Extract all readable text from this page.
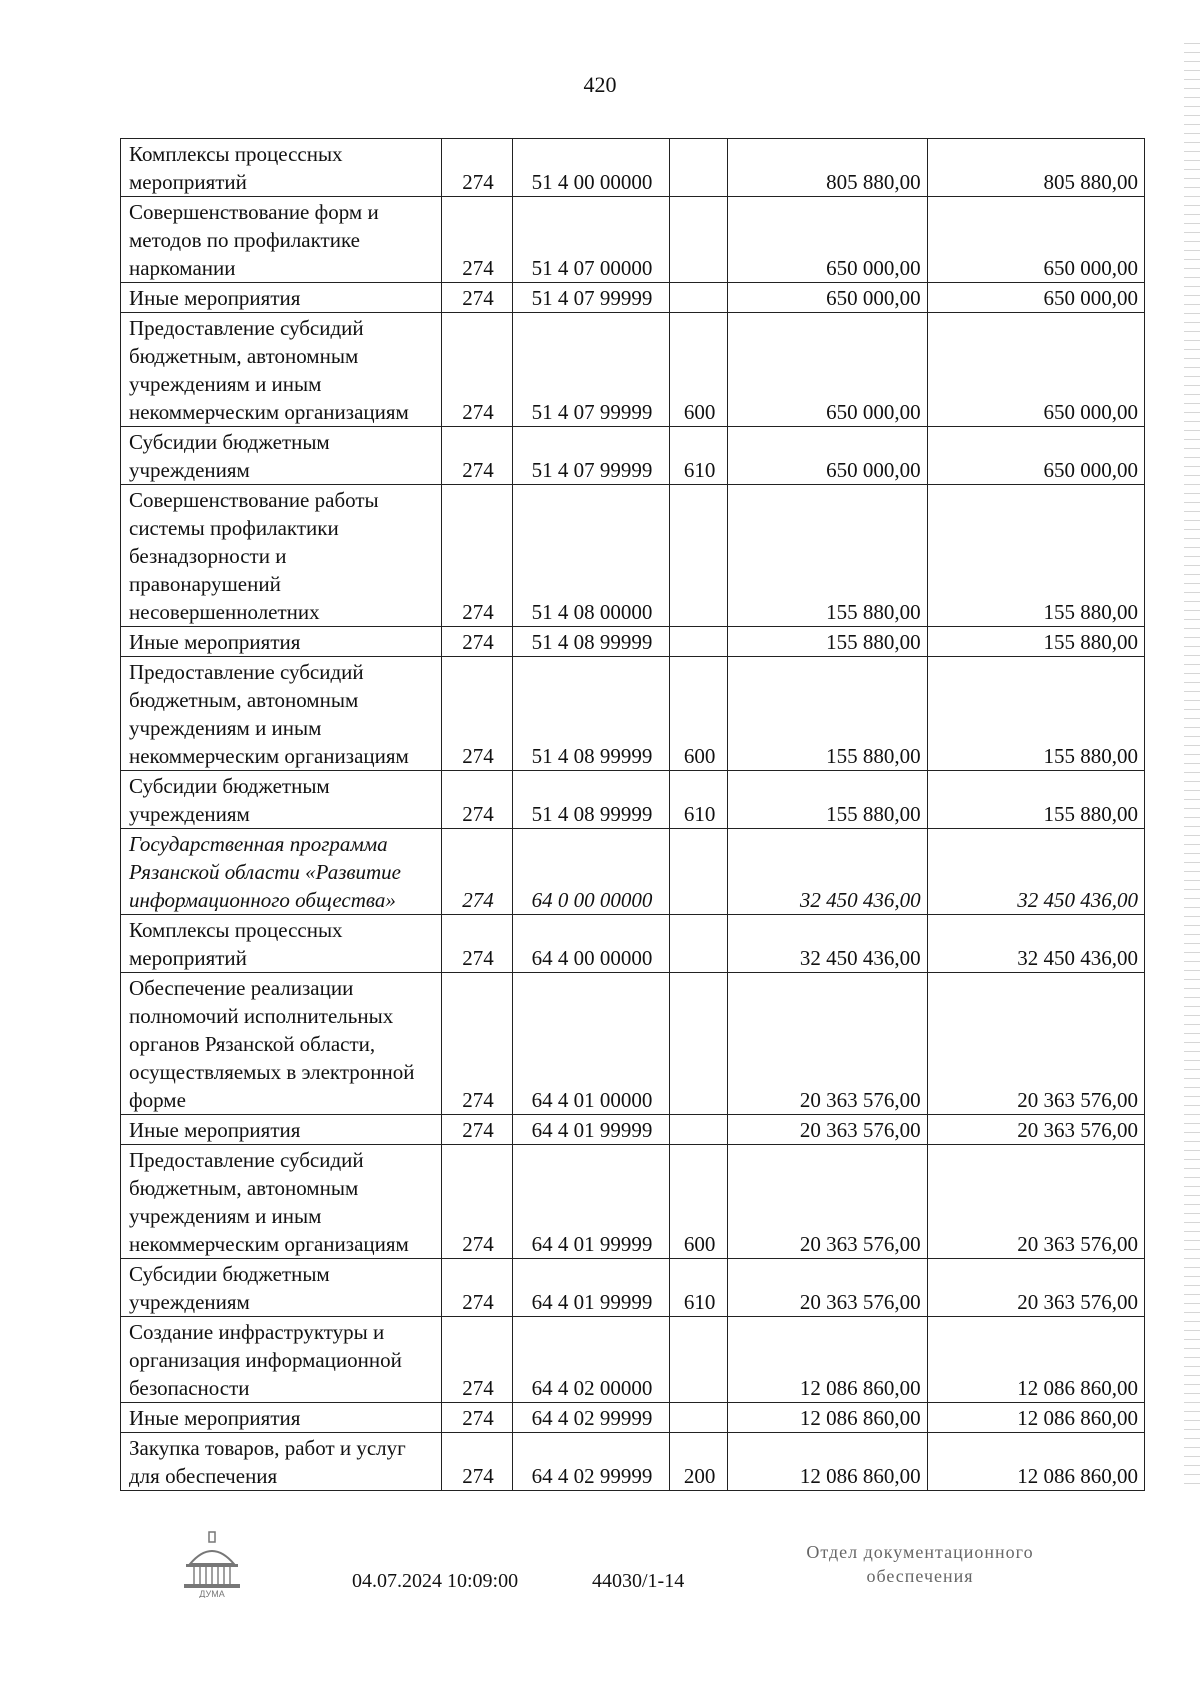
420
Комплексы процессных мероприятий	274	51 4 00 00000		805 880,00	805 880,00
Совершенствование форм и методов по профилактике наркомании	274	51 4 07 00000		650 000,00	650 000,00
Иные мероприятия	274	51 4 07 99999		650 000,00	650 000,00
Предоставление субсидий бюджетным, автономным учреждениям и иным некоммерческим организациям	274	51 4 07 99999	600	650 000,00	650 000,00
Субсидии бюджетным учреждениям	274	51 4 07 99999	610	650 000,00	650 000,00
Совершенствование работы системы профилактики безнадзорности и правонарушений несовершеннолетних	274	51 4 08 00000		155 880,00	155 880,00
Иные мероприятия	274	51 4 08 99999		155 880,00	155 880,00
Предоставление субсидий бюджетным, автономным учреждениям и иным некоммерческим организациям	274	51 4 08 99999	600	155 880,00	155 880,00
Субсидии бюджетным учреждениям	274	51 4 08 99999	610	155 880,00	155 880,00
Государственная программа Рязанской области «Развитие информационного общества»	274	64 0 00 00000		32 450 436,00	32 450 436,00
Комплексы процессных мероприятий	274	64 4 00 00000		32 450 436,00	32 450 436,00
Обеспечение реализации полномочий исполнительных органов Рязанской области, осуществляемых в электронной форме	274	64 4 01 00000		20 363 576,00	20 363 576,00
Иные мероприятия	274	64 4 01 99999		20 363 576,00	20 363 576,00
Предоставление субсидий бюджетным, автономным учреждениям и иным некоммерческим организациям	274	64 4 01 99999	600	20 363 576,00	20 363 576,00
Субсидии бюджетным учреждениям	274	64 4 01 99999	610	20 363 576,00	20 363 576,00
Создание инфраструктуры и организация информационной безопасности	274	64 4 02 00000		12 086 860,00	12 086 860,00
Иные мероприятия	274	64 4 02 99999		12 086 860,00	12 086 860,00
Закупка товаров, работ и услуг для обеспечения	274	64 4 02 99999	200	12 086 860,00	12 086 860,00
ДУМА
04.07.2024 10:09:00	44030/1-14
Отдел документационного
обеспечения
